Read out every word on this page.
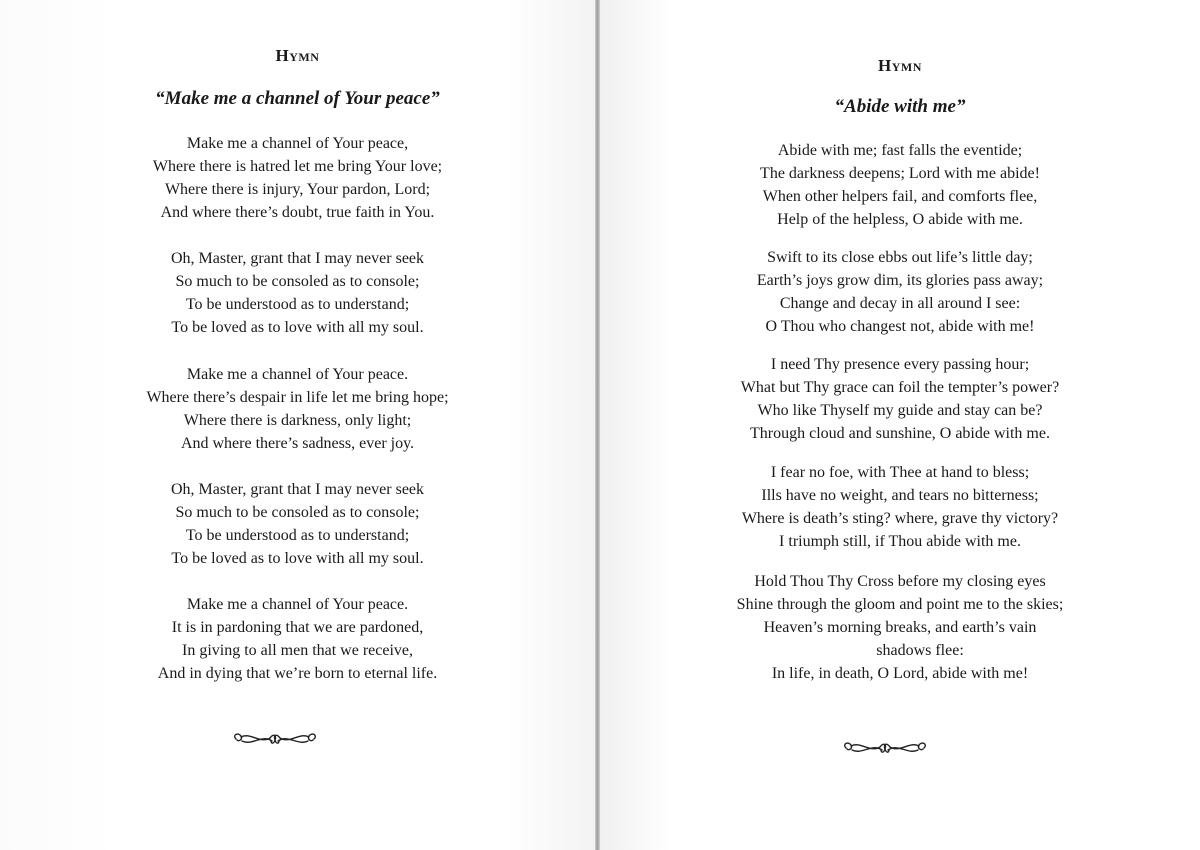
Hymn
“Make me a channel of Your peace”
Make me a channel of Your peace,
Where there is hatred let me bring Your love;
Where there is injury, Your pardon, Lord;
And where there’s doubt, true faith in You.
Oh, Master, grant that I may never seek
So much to be consoled as to console;
To be understood as to understand;
To be loved as to love with all my soul.
Make me a channel of Your peace.
Where there’s despair in life let me bring hope;
Where there is darkness, only light;
And where there’s sadness, ever joy.
Oh, Master, grant that I may never seek
So much to be consoled as to console;
To be understood as to understand;
To be loved as to love with all my soul.
Make me a channel of Your peace.
It is in pardoning that we are pardoned,
In giving to all men that we receive,
And in dying that we’re born to eternal life.
Hymn
“Abide with me”
Abide with me; fast falls the eventide;
The darkness deepens; Lord with me abide!
When other helpers fail, and comforts flee,
Help of the helpless, O abide with me.
Swift to its close ebbs out life’s little day;
Earth’s joys grow dim, its glories pass away;
Change and decay in all around I see:
O Thou who changest not, abide with me!
I need Thy presence every passing hour;
What but Thy grace can foil the tempter’s power?
Who like Thyself my guide and stay can be?
Through cloud and sunshine, O abide with me.
I fear no foe, with Thee at hand to bless;
Ills have no weight, and tears no bitterness;
Where is death’s sting? where, grave thy victory?
I triumph still, if Thou abide with me.
Hold Thou Thy Cross before my closing eyes
Shine through the gloom and point me to the skies;
Heaven’s morning breaks, and earth’s vain
shadows flee:
In life, in death, O Lord, abide with me!
